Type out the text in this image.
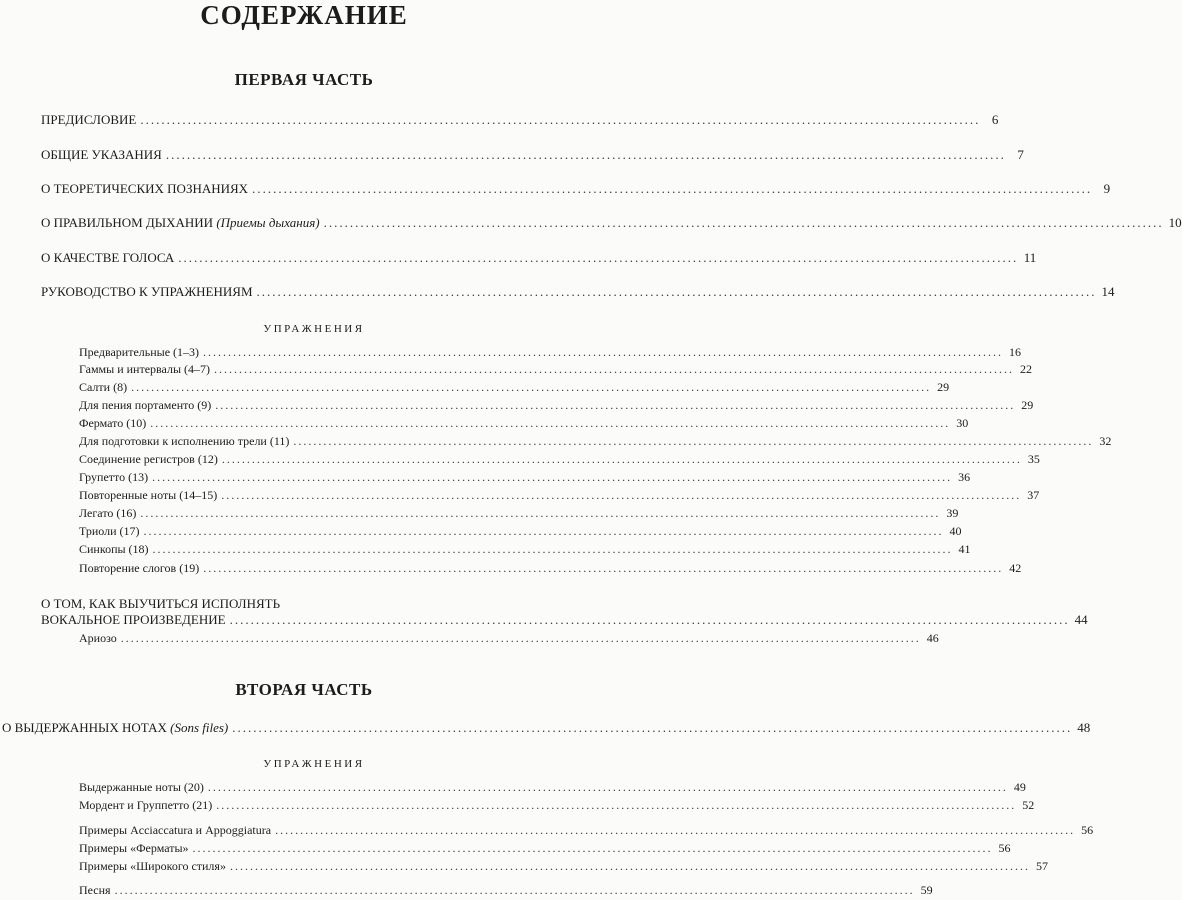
СОДЕРЖАНИЕ
ПЕРВАЯ ЧАСТЬ
ПРЕДИСЛОВИЕ ................................................................................................................................................................ 6
ОБЩИЕ УКАЗАНИЯ ................................................................................................................................................................ 7
О ТЕОРЕТИЧЕСКИХ ПОЗНАНИЯХ ................................................................................................................................................................ 9
О ПРАВИЛЬНОМ ДЫХАНИИ (Приемы дыхания) ................................................................................................................................................................ 10
О КАЧЕСТВЕ ГОЛОСА ................................................................................................................................................................ 11
РУКОВОДСТВО К УПРАЖНЕНИЯМ ................................................................................................................................................................ 14
УПРАЖНЕНИЯ
Предварительные (1–3) ................................................................................................................................................................ 16
Гаммы и интервалы (4–7) ................................................................................................................................................................ 22
Салти (8) ................................................................................................................................................................ 29
Для пения портаменто (9) ................................................................................................................................................................ 29
Фермато (10) ................................................................................................................................................................ 30
Для подготовки к исполнению трели (11) ................................................................................................................................................................ 32
Соединение регистров (12) ................................................................................................................................................................ 35
Групетто (13) ................................................................................................................................................................ 36
Повторенные ноты (14–15) ................................................................................................................................................................ 37
Легато (16) ................................................................................................................................................................ 39
Триоли (17) ................................................................................................................................................................ 40
Синкопы (18) ................................................................................................................................................................ 41
Повторение слогов (19) ................................................................................................................................................................ 42
О ТОМ, КАК ВЫУЧИТЬСЯ ИСПОЛНЯТЬ
ВОКАЛЬНОЕ ПРОИЗВЕДЕНИЕ ................................................................................................................................................................ 44
Ариозо ................................................................................................................................................................ 46
ВТОРАЯ ЧАСТЬ
О ВЫДЕРЖАННЫХ НОТАХ (Sons files) ................................................................................................................................................................ 48
УПРАЖНЕНИЯ
Выдержанные ноты (20) ................................................................................................................................................................ 49
Мордент и Группетто (21) ................................................................................................................................................................ 52
Примеры Acciaccatura и Appoggiatura ................................................................................................................................................................ 56
Примеры «Ферматы» ................................................................................................................................................................ 56
Примеры «Широкого стиля» ................................................................................................................................................................ 57
Песня ................................................................................................................................................................ 59
